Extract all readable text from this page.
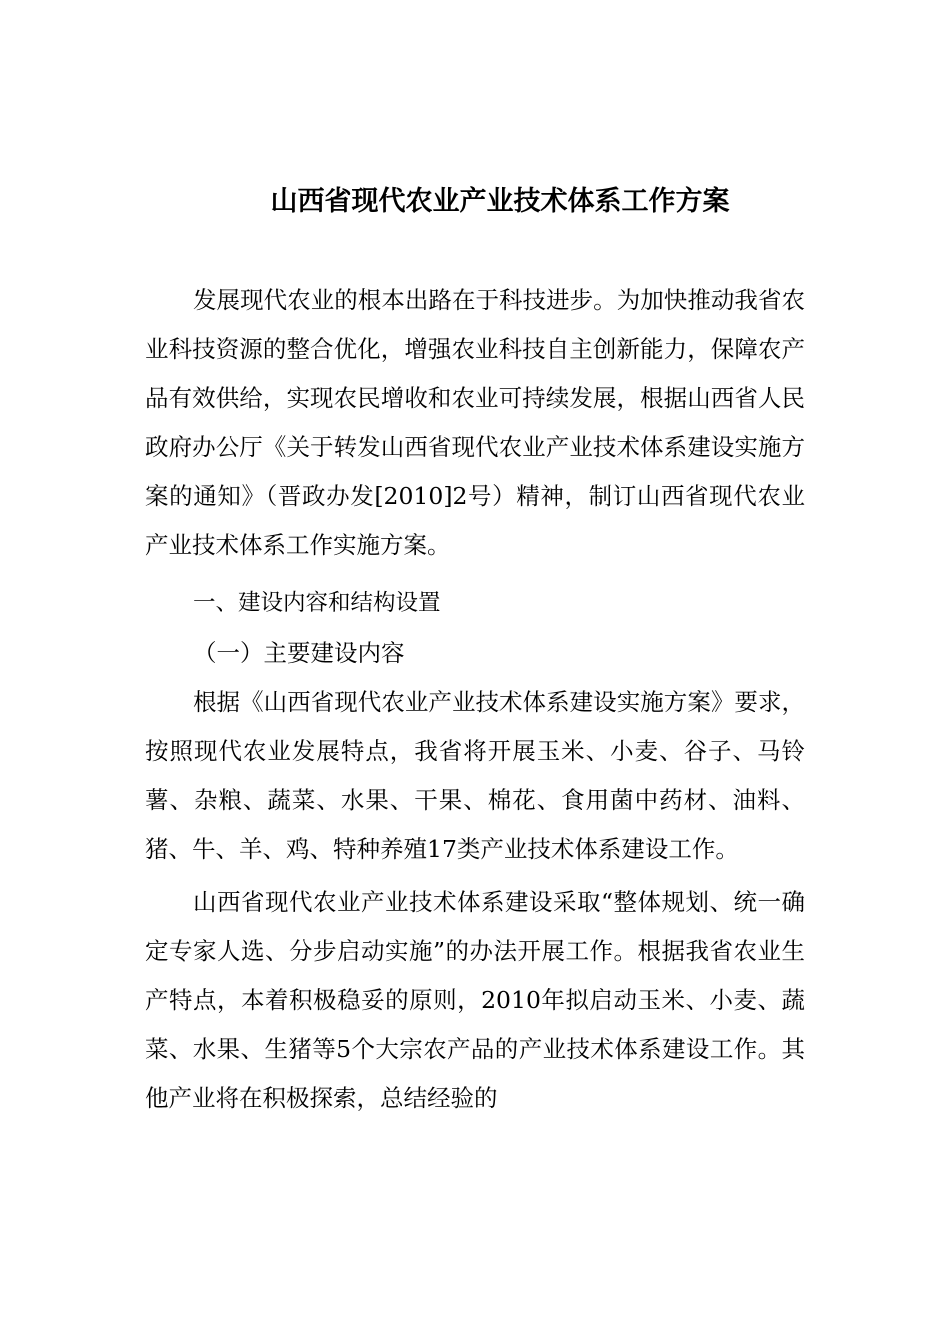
山西省现代农业产业技术体系工作方案

发展现代农业的根本出路在于科技进步。为加快推动我省农业科技资源的整合优化，增强农业科技自主创新能力，保障农产品有效供给，实现农民增收和农业可持续发展，根据山西省人民政府办公厅《关于转发山西省现代农业产业技术体系建设实施方案的通知》（晋政办发[2010]2号）精神，制订山西省现代农业产业技术体系工作实施方案。

一、建设内容和结构设置

（一）主要建设内容

根据《山西省现代农业产业技术体系建设实施方案》要求，按照现代农业发展特点，我省将开展玉米、小麦、谷子、马铃薯、杂粮、蔬菜、水果、干果、棉花、食用菌中药材、油料、猪、牛、羊、鸡、特种养殖17类产业技术体系建设工作。

山西省现代农业产业技术体系建设采取“整体规划、统一确定专家人选、分步启动实施”的办法开展工作。根据我省农业生产特点，本着积极稳妥的原则，2010年拟启动玉米、小麦、蔬菜、水果、生猪等5个大宗农产品的产业技术体系建设工作。其他产业将在积极探索，总结经验的
